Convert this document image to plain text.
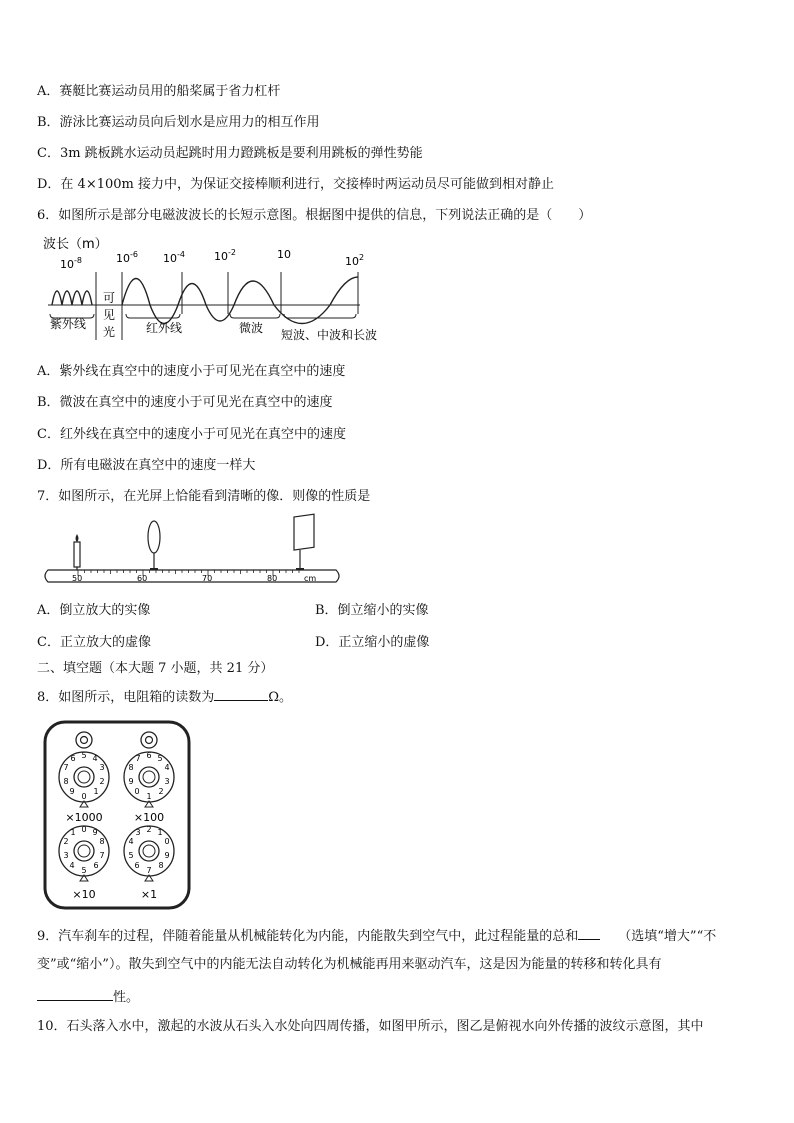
A．赛艇比赛运动员用的船桨属于省力杠杆
B．游泳比赛运动员向后划水是应用力的相互作用
C．3m 跳板跳水运动员起跳时用力蹬跳板是要利用跳板的弹性势能
D．在 4×100m 接力中，为保证交接棒顺利进行，交接棒时两运动员尽可能做到相对静止
6．如图所示是部分电磁波波长的长短示意图。根据图中提供的信息，下列说法正确的是（　　）
波长（m）
$10^{-8}$	$10^{-6}$ $10^{-4}$	$10^{-2}$	10
$10^2$
紫外线
可
见
光	红外线	微波 短波、中波和长波
A．紫外线在真空中的速度小于可见光在真空中的速度
B．微波在真空中的速度小于可见光在真空中的速度
C．红外线在真空中的速度小于可见光在真空中的速度
D．所有电磁波在真空中的速度一样大
7．如图所示，在光屏上恰能看到清晰的像．则像的性质是
50	60	70	80	cm
A．倒立放大的实像	B．倒立缩小的实像
C．正立放大的虚像	D．正立缩小的虚像
二、填空题（本大题 7 小题，共 21 分）
8．如图所示，电阻箱的读数为	Ω。
5 4
3
2
1
0
9
8
7
6	6 5
4
3
2
1
0
9
8
7
×1000	×100
0 9
8
7
6
5
4
3
2
1	2 1
0
9
8
7
6
5
4
3
×10	×1
9．汽车刹车的过程，伴随着能量从机械能转化为内能，内能散失到空气中，此过程能量的总和	（选填“增大”“不
变”或“缩小”）。散失到空气中的内能无法自动转化为机械能再用来驱动汽车，这是因为能量的转移和转化具有
性。
10．石头落入水中，激起的水波从石头入水处向四周传播，如图甲所示，图乙是俯视水向外传播的波纹示意图，其中
